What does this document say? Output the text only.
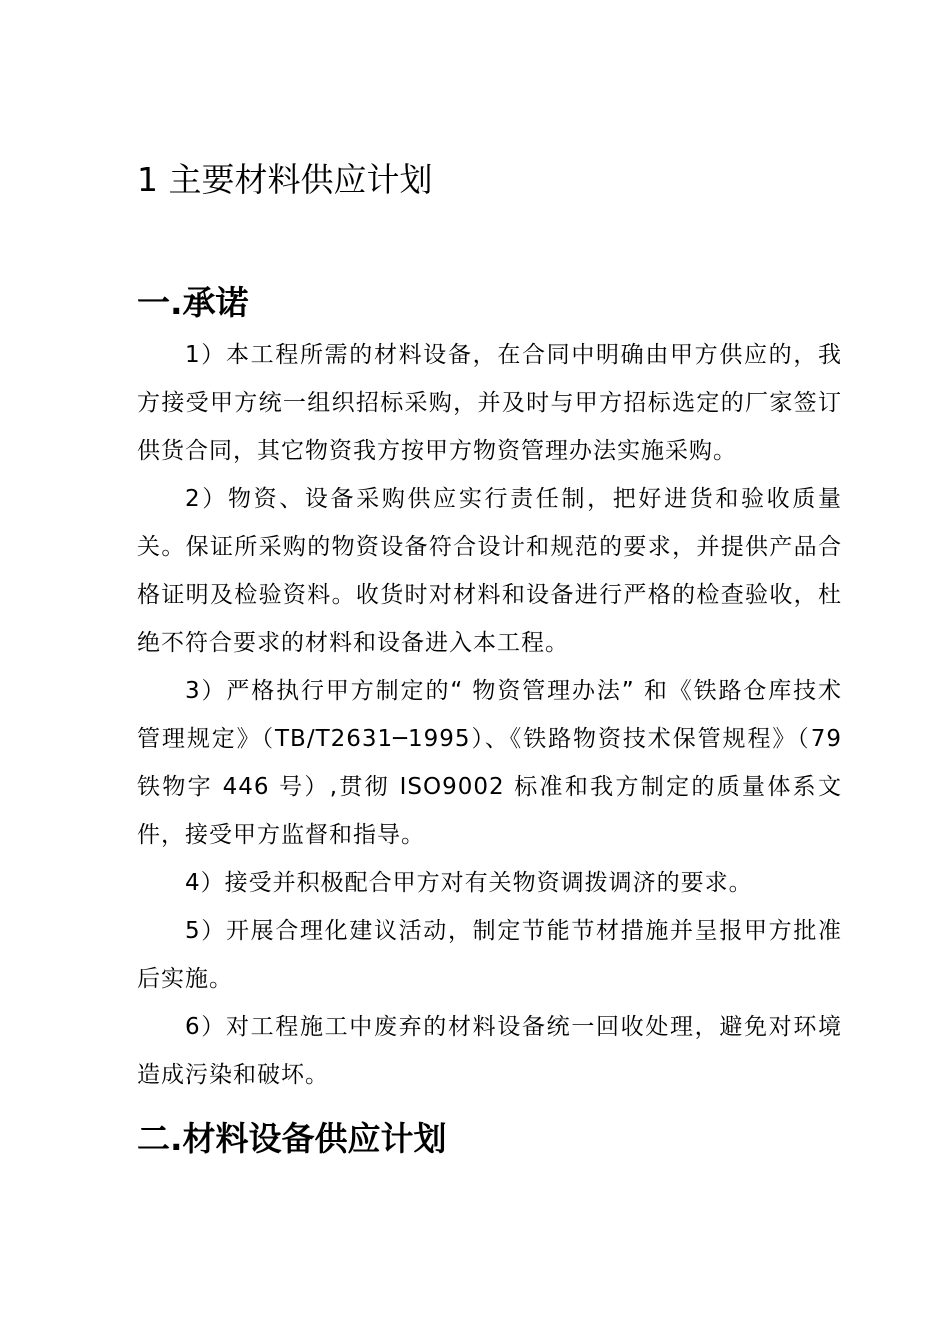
1 主要材料供应计划
一.承诺

1）本工程所需的材料设备，在合同中明确由甲方供应的，我方接受甲方统一组织招标采购，并及时与甲方招标选定的厂家签订供货合同，其它物资我方按甲方物资管理办法实施采购。

2）物资、设备采购供应实行责任制，把好进货和验收质量关。保证所采购的物资设备符合设计和规范的要求，并提供产品合格证明及检验资料。收货时对材料和设备进行严格的检查验收，杜绝不符合要求的材料和设备进入本工程。

3）严格执行甲方制定的“ 物资管理办法” 和《铁路仓库技术管理规定》（TB/T2631─1995）、《铁路物资技术保管规程》（79 铁物字 446 号）,贯彻 ISO9002 标准和我方制定的质量体系文件，接受甲方监督和指导。

4）接受并积极配合甲方对有关物资调拨调济的要求。

5）开展合理化建议活动，制定节能节材措施并呈报甲方批准后实施。

6）对工程施工中废弃的材料设备统一回收处理，避免对环境造成污染和破坏。

二.材料设备供应计划
